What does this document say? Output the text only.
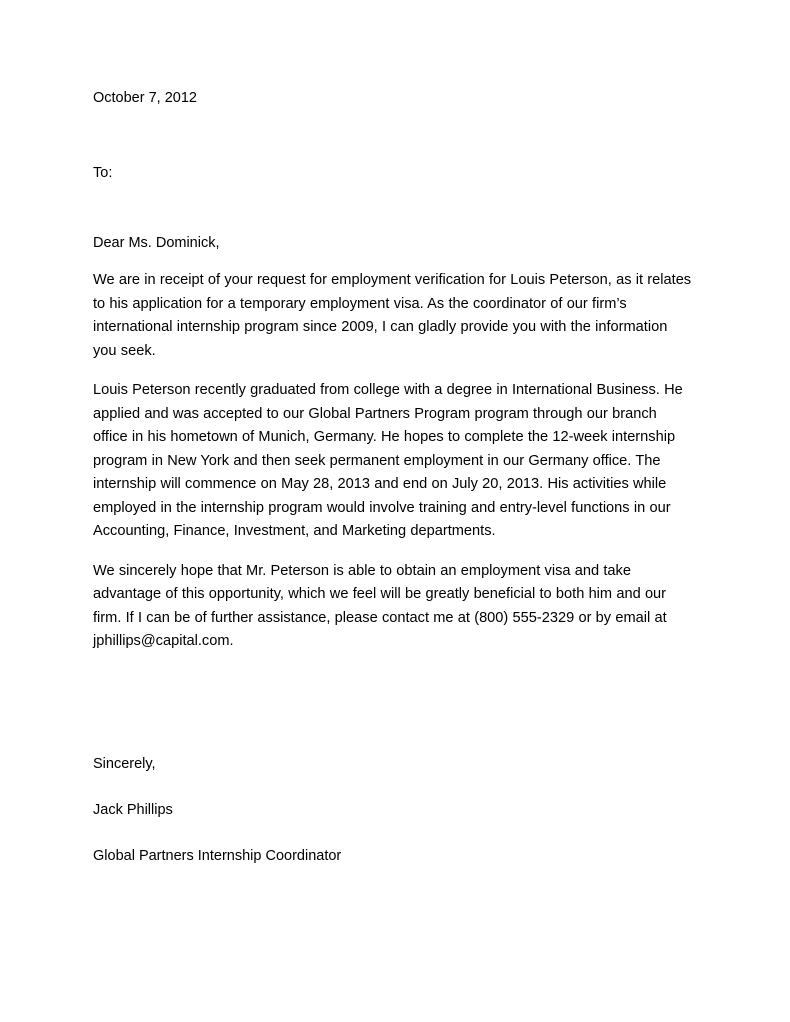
October 7, 2012
To:
Dear Ms. Dominick,

We are in receipt of your request for employment verification for Louis Peterson, as it relates to his application for a temporary employment visa. As the coordinator of our firm’s international internship program since 2009, I can gladly provide you with the information you seek.

Louis Peterson recently graduated from college with a degree in International Business. He applied and was accepted to our Global Partners Program program through our branch office in his hometown of Munich, Germany. He hopes to complete the 12-week internship program in New York and then seek permanent employment in our Germany office. The internship will commence on May 28, 2013 and end on July 20, 2013. His activities while employed in the internship program would involve training and entry-level functions in our Accounting, Finance, Investment, and Marketing departments.

We sincerely hope that Mr. Peterson is able to obtain an employment visa and take advantage of this opportunity, which we feel will be greatly beneficial to both him and our firm. If I can be of further assistance, please contact me at (800) 555-2329 or by email at jphillips@capital.com.

Sincerely,
Jack Phillips
Global Partners Internship Coordinator
